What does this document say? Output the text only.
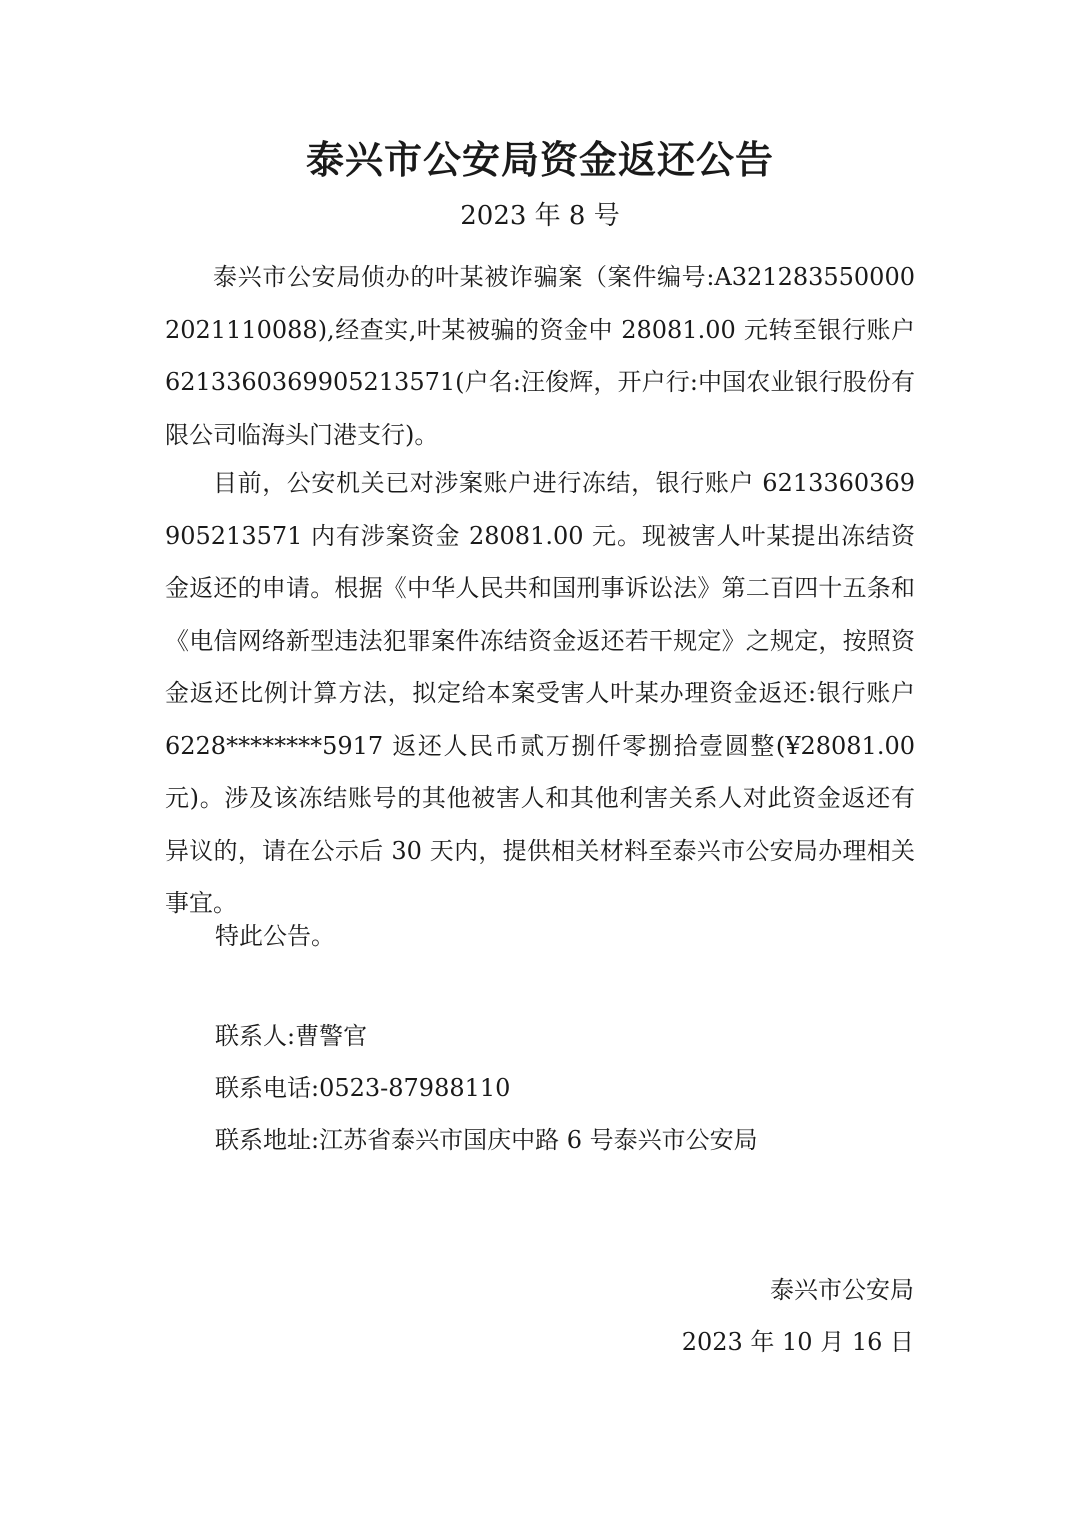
泰兴市公安局资金返还公告
2023 年 8 号

泰兴市公安局侦办的叶某被诈骗案（案件编号:A3212835500002021110088),经查实,叶某被骗的资金中 28081.00 元转至银行账户 6213360369905213571(户名:汪俊辉，开户行:中国农业银行股份有限公司临海头门港支行)。

目前，公安机关已对涉案账户进行冻结，银行账户 6213360369905213571 内有涉案资金 28081.00 元。现被害人叶某提出冻结资金返还的申请。根据《中华人民共和国刑事诉讼法》第二百四十五条和《电信网络新型违法犯罪案件冻结资金返还若干规定》之规定，按照资金返还比例计算方法，拟定给本案受害人叶某办理资金返还:银行账户 6228********5917 返还人民币贰万捌仟零捌拾壹圆整(¥28081.00 元)。涉及该冻结账号的其他被害人和其他利害关系人对此资金返还有异议的，请在公示后 30 天内，提供相关材料至泰兴市公安局办理相关事宜。

特此公告。
联系人:曹警官
联系电话:0523-87988110
联系地址:江苏省泰兴市国庆中路 6 号泰兴市公安局
泰兴市公安局
2023 年 10 月 16 日
